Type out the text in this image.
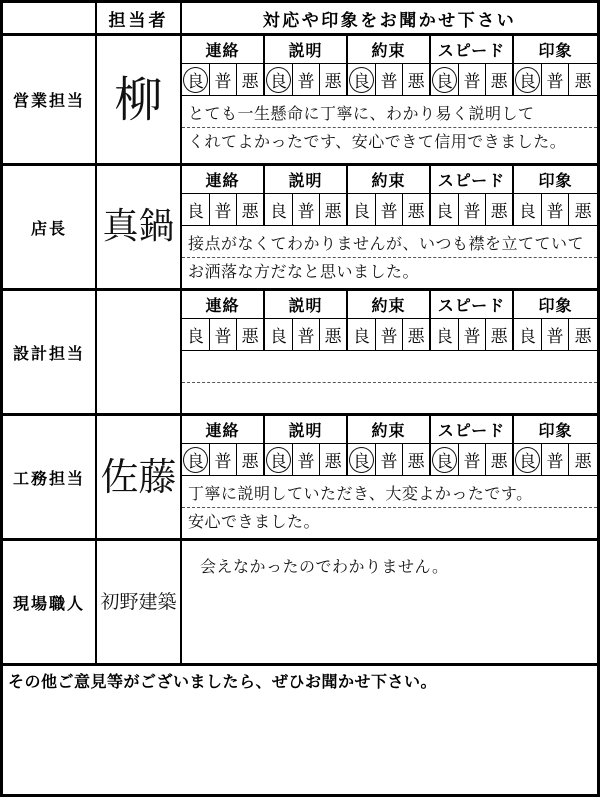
担当者	対応や印象をお聞かせ下さい
営業担当 柳
連絡	説明	約束	スピード	印象
良 普 悪 良 普 悪 良 普 悪 良 普 悪 良 普 悪
とても一生懸命に丁寧に、わかり易く説明して
くれてよかったです、安心できて信用できました。
店長 真鍋
連絡	説明	約束	スピード	印象
良 普 悪 良 普 悪 良 普 悪 良 普 悪 良 普 悪
接点がなくてわかりませんが、いつも襟を立てていて
お洒落な方だなと思いました。
設計担当
連絡	説明	約束	スピード	印象
良 普 悪 良 普 悪 良 普 悪 良 普 悪 良 普 悪
工務担当 佐藤
連絡	説明	約束	スピード	印象
良 普 悪 良 普 悪 良 普 悪 良 普 悪 良 普 悪
丁寧に説明していただき、大変よかったです。
安心できました。
現場職人 初野建築
会えなかったのでわかりません。
その他ご意見等がございましたら、ぜひお聞かせ下さい。
